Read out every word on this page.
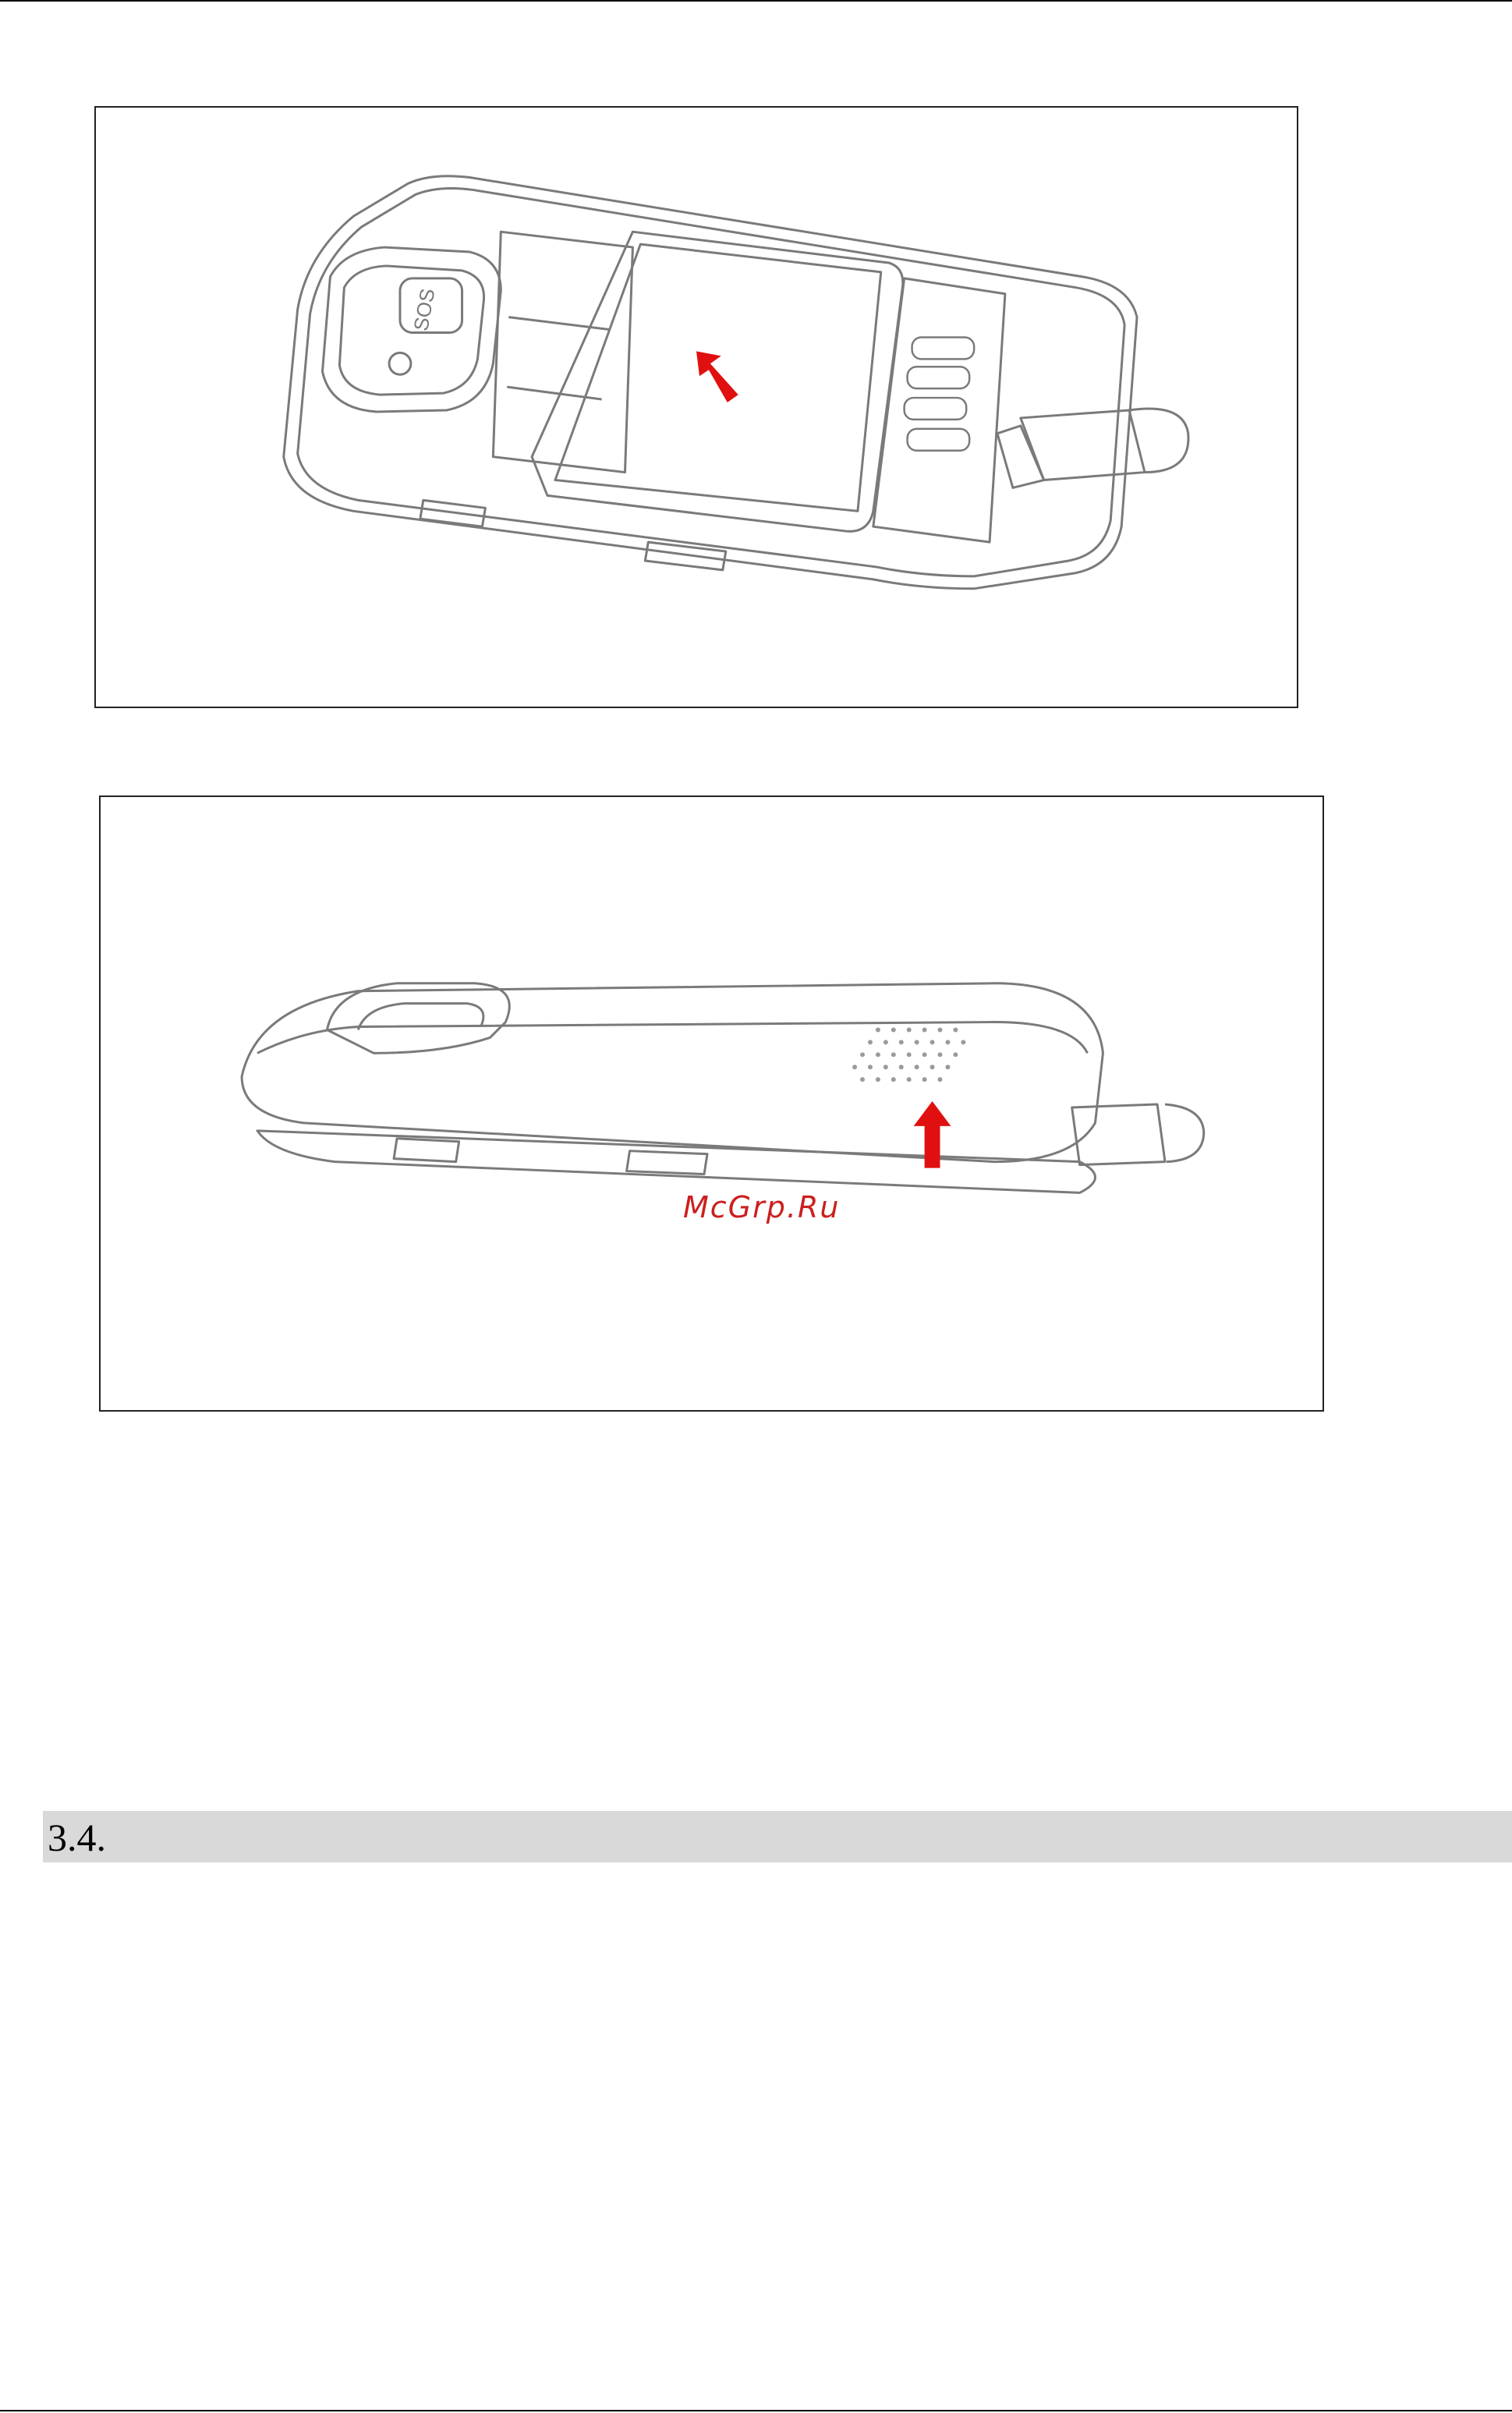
SOS
McGrp.Ru
3.4.
